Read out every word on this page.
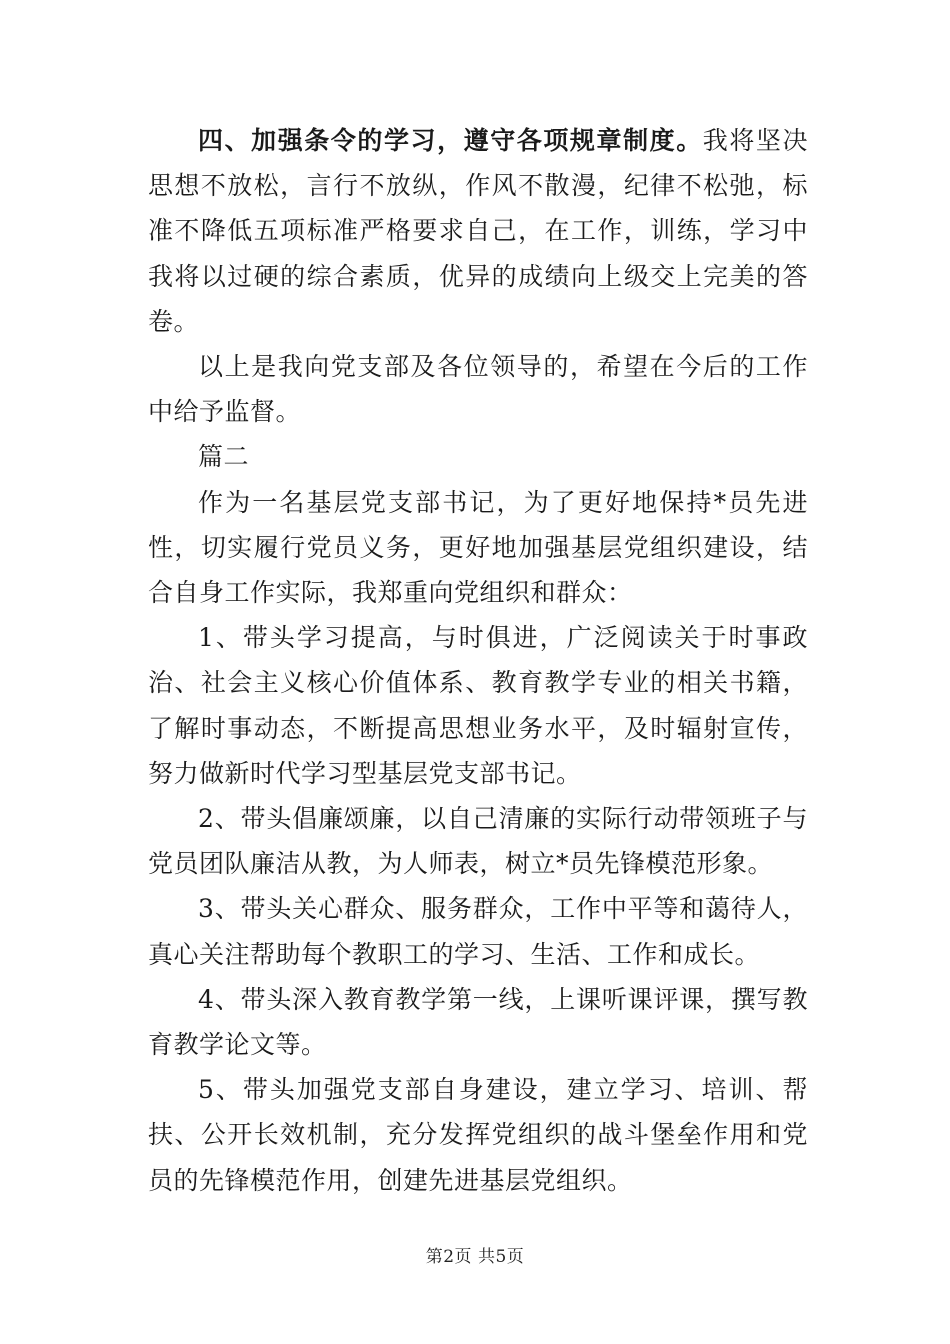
四、加强条令的学习，遵守各项规章制度。我将坚决思想不放松，言行不放纵，作风不散漫，纪律不松弛，标准不降低五项标准严格要求自己，在工作，训练，学习中我将以过硬的综合素质，优异的成绩向上级交上完美的答卷。

以上是我向党支部及各位领导的，希望在今后的工作中给予监督。

篇二

作为一名基层党支部书记，为了更好地保持*员先进性，切实履行党员义务，更好地加强基层党组织建设，结合自身工作实际，我郑重向党组织和群众：

1、带头学习提高，与时俱进，广泛阅读关于时事政治、社会主义核心价值体系、教育教学专业的相关书籍，了解时事动态，不断提高思想业务水平，及时辐射宣传，努力做新时代学习型基层党支部书记。

2、带头倡廉颂廉，以自己清廉的实际行动带领班子与党员团队廉洁从教，为人师表，树立*员先锋模范形象。

3、带头关心群众、服务群众，工作中平等和蔼待人，真心关注帮助每个教职工的学习、生活、工作和成长。

4、带头深入教育教学第一线，上课听课评课，撰写教育教学论文等。

5、带头加强党支部自身建设，建立学习、培训、帮扶、公开长效机制，充分发挥党组织的战斗堡垒作用和党员的先锋模范作用，创建先进基层党组织。

第2页 共5页
